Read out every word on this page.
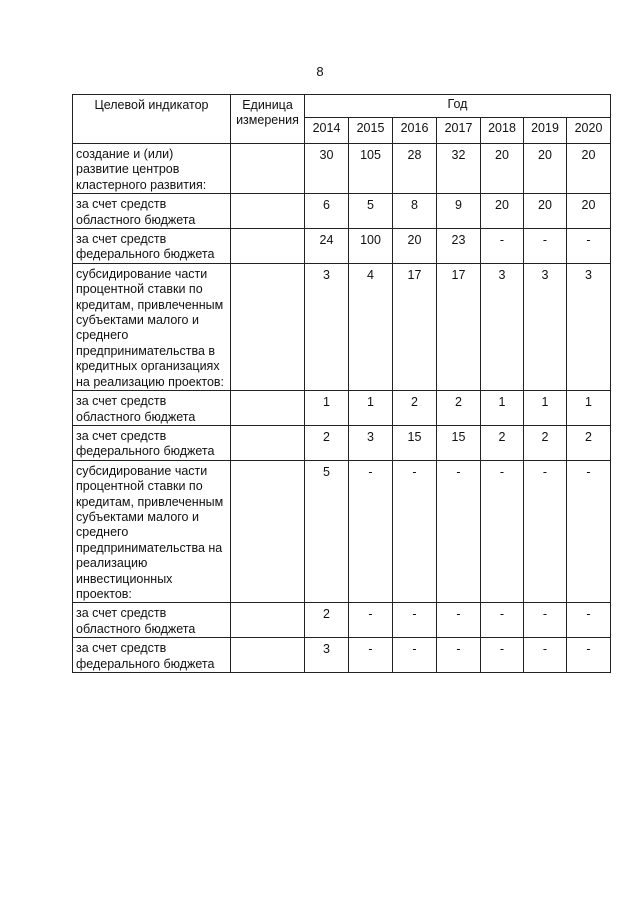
8
Целевой индикатор	Единица измерения	Год						
		2014	2015	2016	2017	2018	2019	2020
создание и (или) развитие центров кластерного развития:		30	105	28	32	20	20	20
за счет средств областного бюджета		6	5	8	9	20	20	20
за счет средств федерального бюджета		24	100	20	23	-	-	-
субсидирование части процентной ставки по кредитам, привлеченным субъектами малого и среднего предпринимательства в кредитных организациях на реализацию проектов:		3	4	17	17	3	3	3
за счет средств областного бюджета		1	1	2	2	1	1	1
за счет средств федерального бюджета		2	3	15	15	2	2	2
субсидирование части процентной ставки по кредитам, привлеченным субъектами малого и среднего предпринимательства на реализацию инвестиционных проектов:		5	-	-	-	-	-	-
за счет средств областного бюджета		2	-	-	-	-	-	-
за счет средств федерального бюджета		3	-	-	-	-	-	-
